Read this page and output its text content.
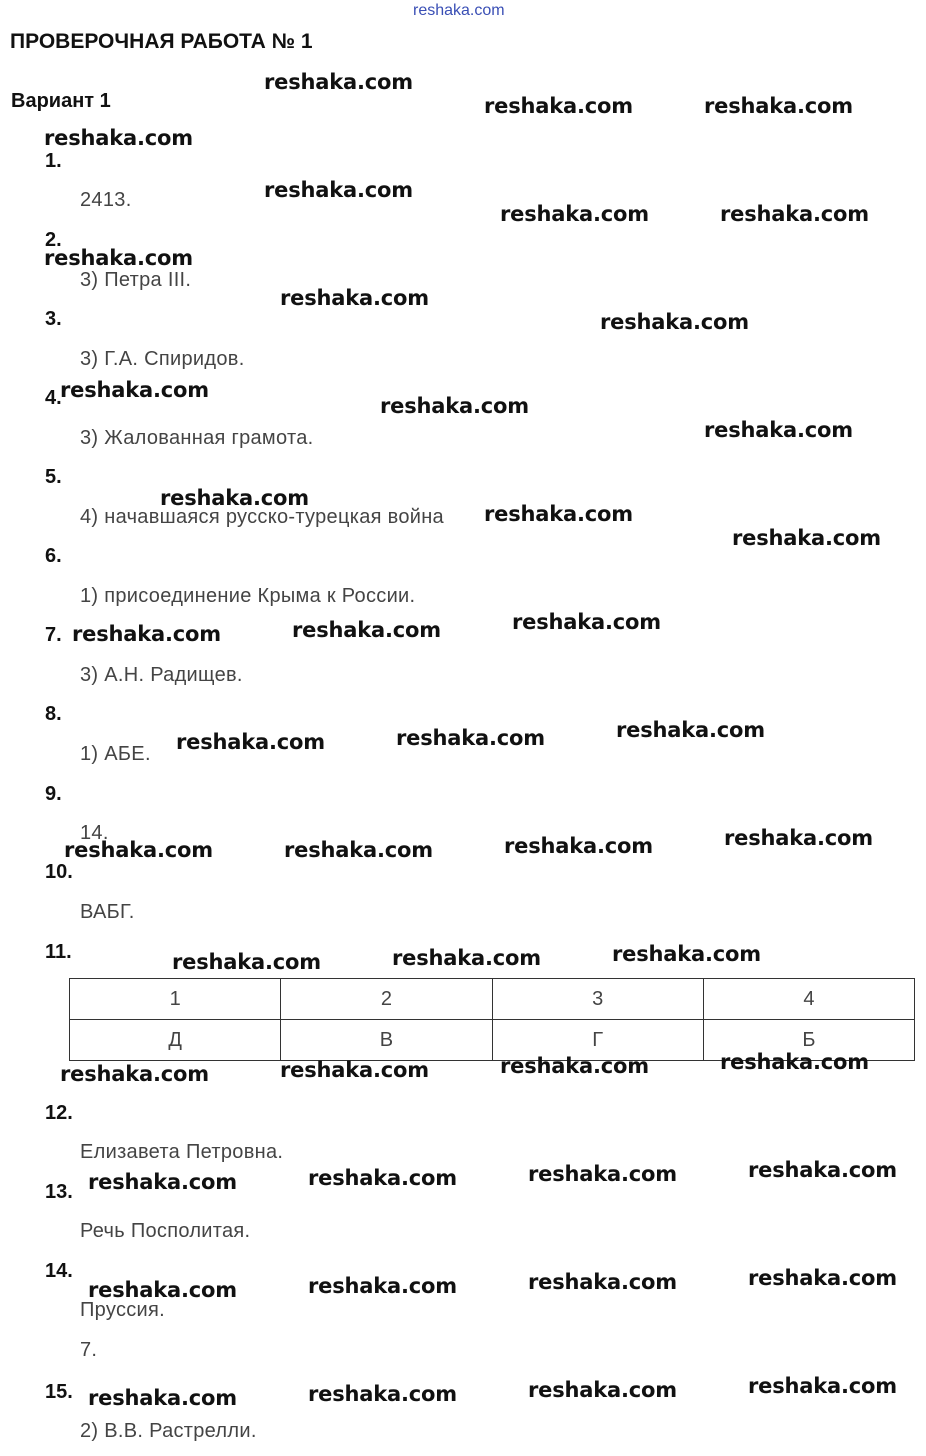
reshaka.com
ПРОВЕРОЧНАЯ РАБОТА № 1
Вариант 1
1.
2.
3.
4.
5.
6.
7.
8.
9.
10.
11.
12.
13.
14.
15.
2413.
3) Петра III.
3) Г.А. Спиридов.
3) Жалованная грамота.
4) начавшаяся русско-турецкая война
1) присоединение Крыма к России.
3) А.Н. Радищев.
1) АБЕ.
14.
ВАБГ.
Елизавета Петровна.
Речь Посполитая.
Пруссия.
7.
2) В.В. Растрелли.
1	2	3	4
Д	В	Г	Б
reshaka.com
reshaka.com	reshaka.com
reshaka.com
reshaka.com
reshaka.com	reshaka.com
reshaka.com
reshaka.com
reshaka.com
reshaka.com
reshaka.com
reshaka.com
reshaka.com
reshaka.com
reshaka.com
reshaka.com	reshaka.com	reshaka.com
reshaka.com	reshaka.com	reshaka.com
reshaka.com	reshaka.com	reshaka.com	reshaka.com
reshaka.com	reshaka.com	reshaka.com
reshaka.com	reshaka.com	reshaka.com	reshaka.com
reshaka.com	reshaka.com	reshaka.com	reshaka.com
reshaka.com	reshaka.com	reshaka.com	reshaka.com
reshaka.com	reshaka.com	reshaka.com	reshaka.com
